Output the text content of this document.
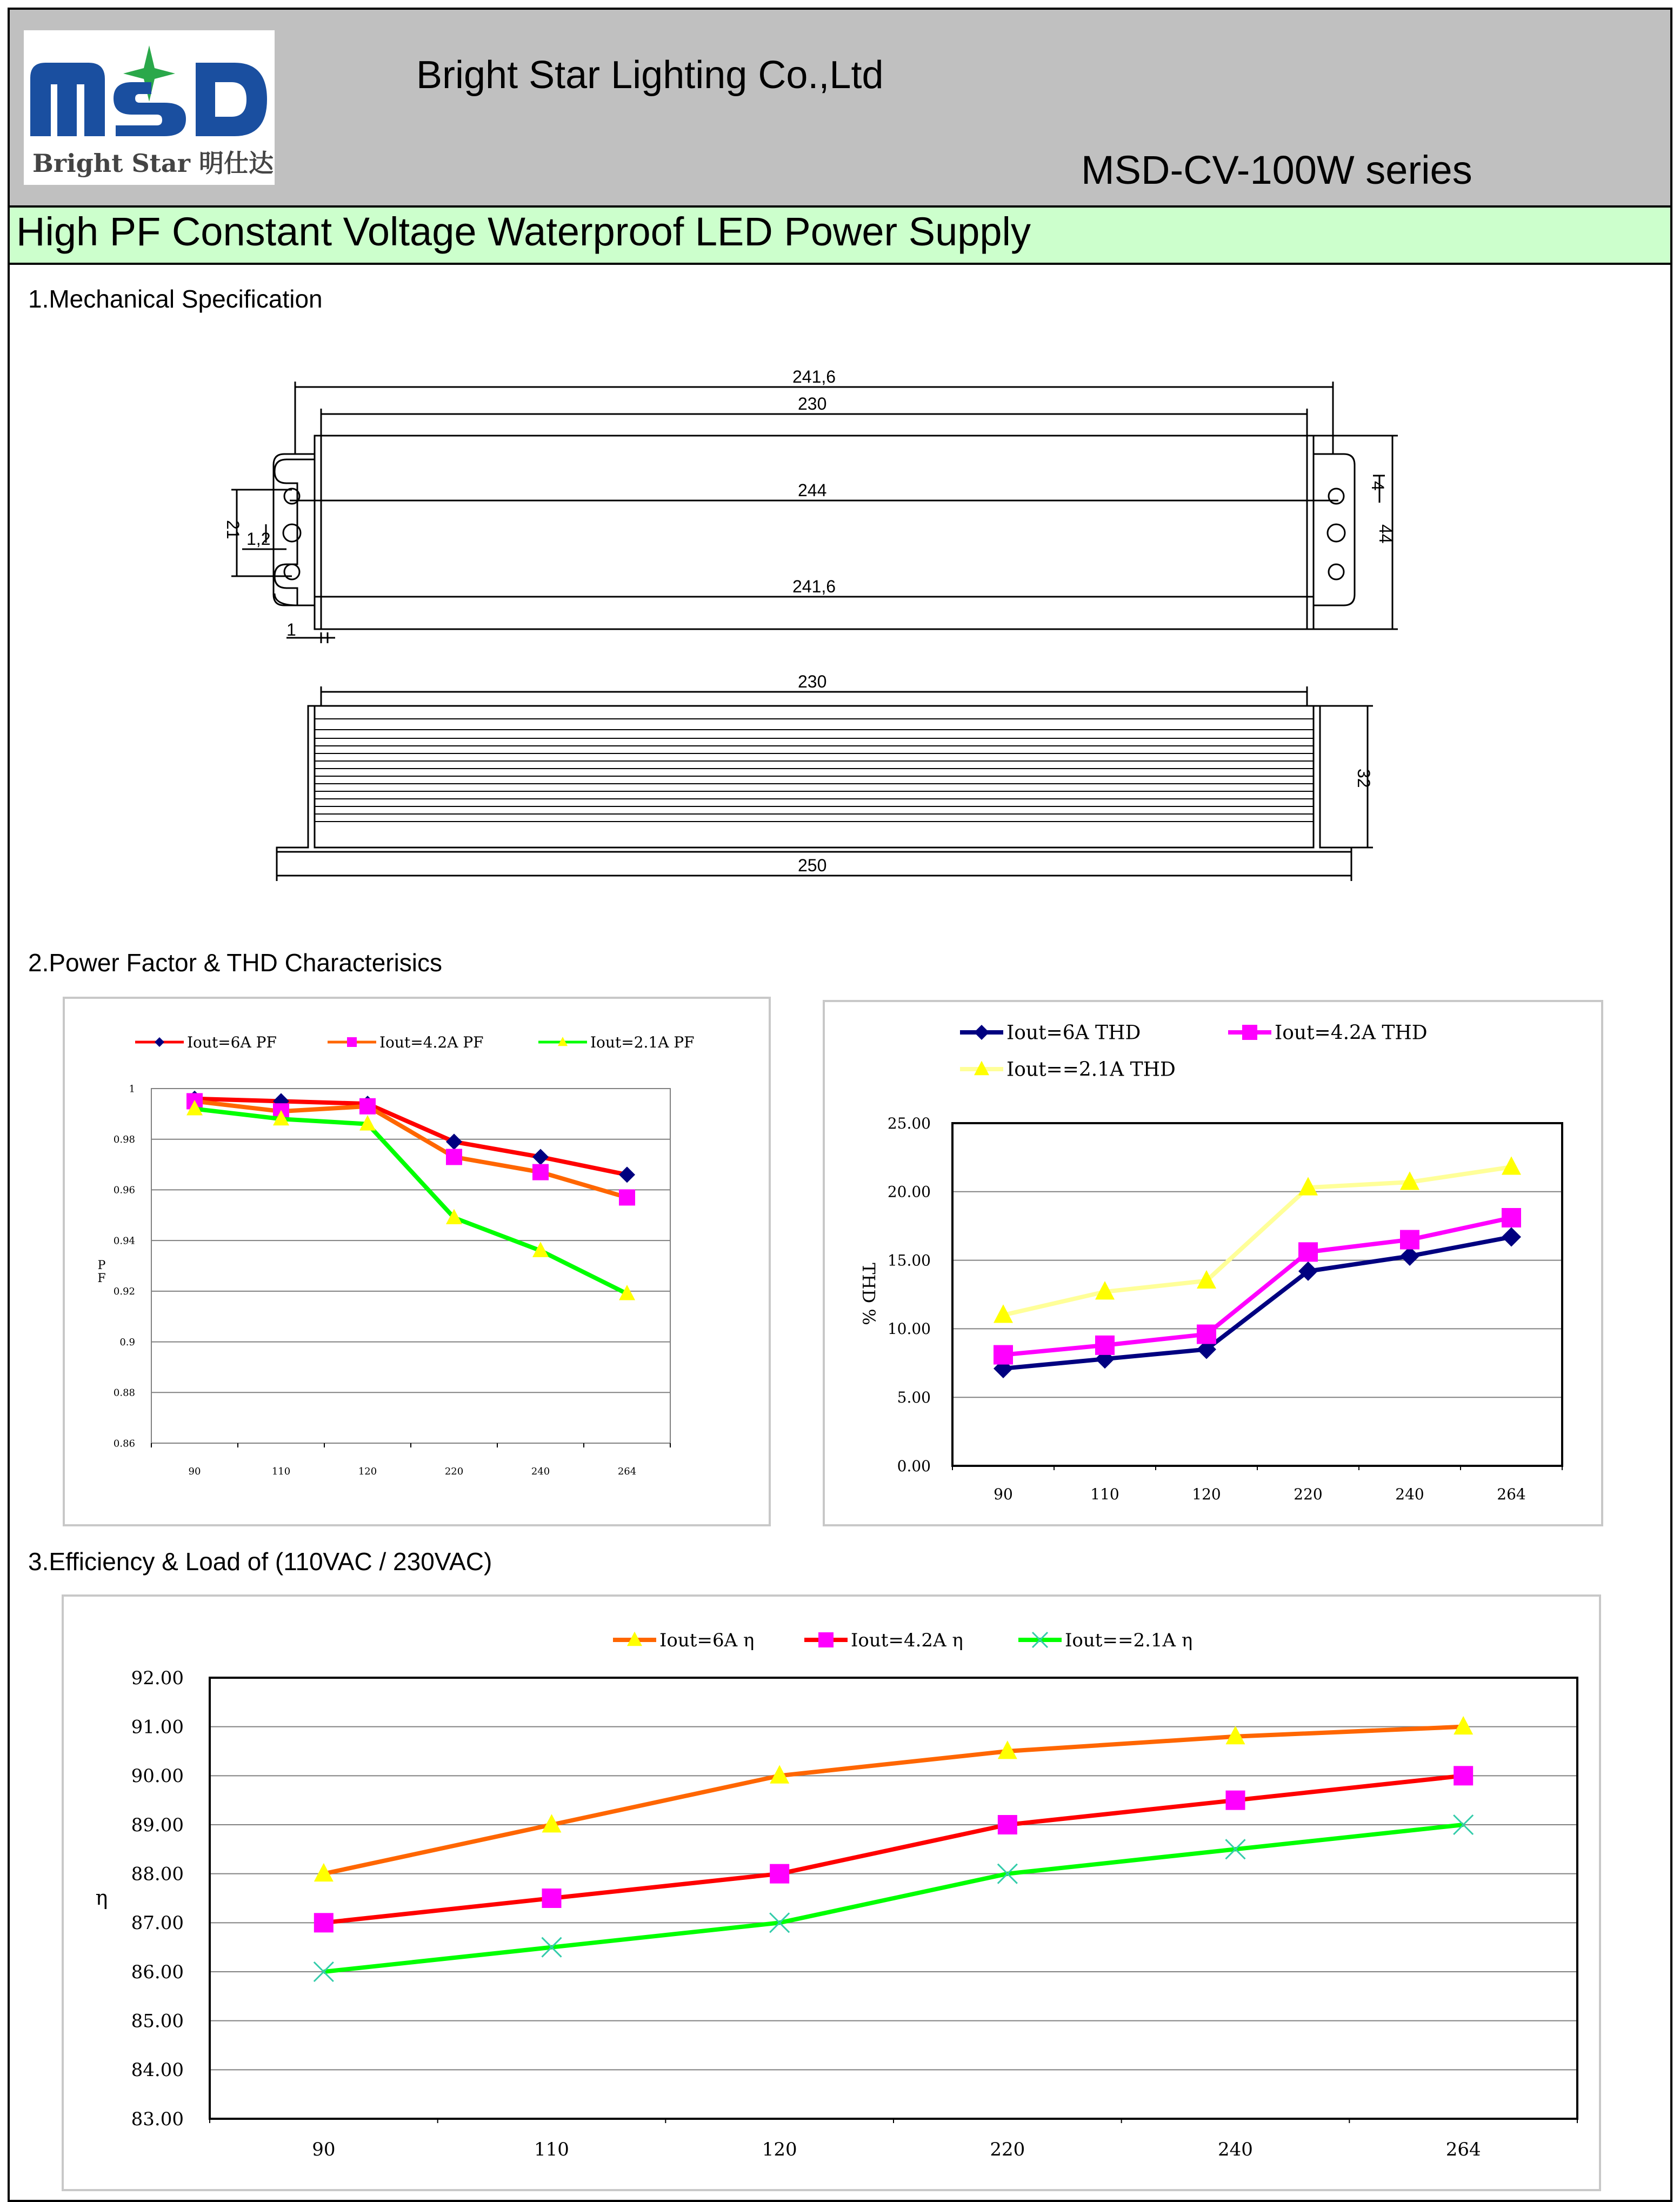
Bright Star 明仕达
Bright Star Lighting Co.,Ltd
MSD-CV-100W series
High PF Constant Voltage Waterproof LED Power Supply
1.Mechanical Specification
241,6
230
244
241,6
21 1,2
1
4
44
230
32
250
2.Power Factor & THD Characterisics
1
0.98
0.96
0.94
0.92
0.9
0.88
0.86
90	110	120	220	240	264
P F
Iout=6A PF	Iout=4.2A PF	Iout=2.1A PF
25.00
20.00
15.00
10.00
5.00
0.00
90	110	120	220	240	264
THD %
Iout=6A THD	Iout=4.2A THD
Iout==2.1A THD
3.Efficiency & Load of (110VAC / 230VAC)
92.00
91.00
90.00
89.00
88.00
87.00
86.00
85.00
84.00
83.00
90	110	120	220	240	264
η
Iout=6A η	Iout=4.2A η	Iout==2.1A η
